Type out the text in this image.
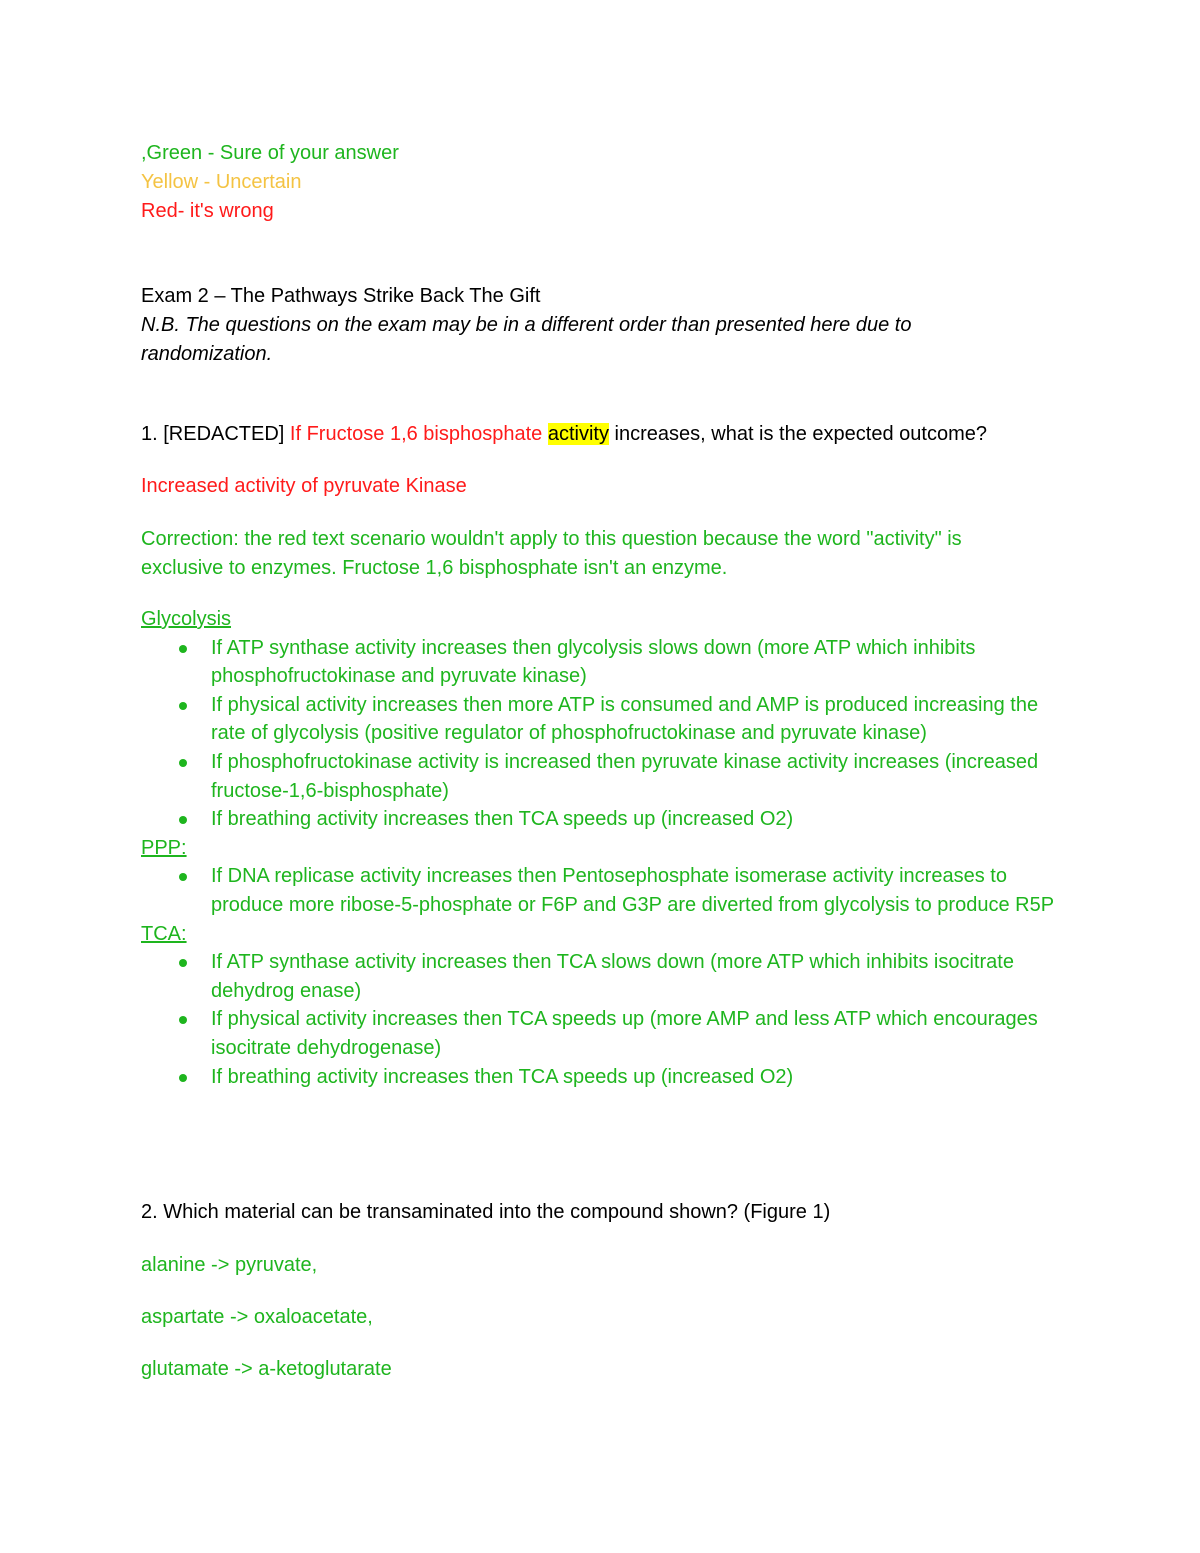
,Green - Sure of your answer

Yellow - Uncertain

Red- it's wrong

Exam 2 – The Pathways Strike Back The Gift

N.B. The questions on the exam may be in a different order than presented here due to randomization.

1. [REDACTED] If Fructose 1,6 bisphosphate activity increases, what is the expected outcome?

Increased activity of pyruvate Kinase

Correction: the red text scenario wouldn't apply to this question because the word "activity" is exclusive to enzymes. Fructose 1,6 bisphosphate isn't an enzyme.

Glycolysis
If ATP synthase activity increases then glycolysis slows down (more ATP which inhibits phosphofructokinase and pyruvate kinase)
If physical activity increases then more ATP is consumed and AMP is produced increasing the rate of glycolysis (positive regulator of phosphofructokinase and pyruvate kinase)
If phosphofructokinase activity is increased then pyruvate kinase activity increases (increased fructose-1,6-bisphosphate)
If breathing activity increases then TCA speeds up (increased O2)
PPP:
If DNA replicase activity increases then Pentosephosphate isomerase activity increases to produce more ribose-5-phosphate or F6P and G3P are diverted from glycolysis to produce R5P
TCA:
If ATP synthase activity increases then TCA slows down (more ATP which inhibits isocitrate dehydrog enase)
If physical activity increases then TCA speeds up (more AMP and less ATP which encourages isocitrate dehydrogenase)
If breathing activity increases then TCA speeds up (increased O2)

2. Which material can be transaminated into the compound shown? (Figure 1)

alanine -> pyruvate,

aspartate -> oxaloacetate,

glutamate -> a-ketoglutarate
